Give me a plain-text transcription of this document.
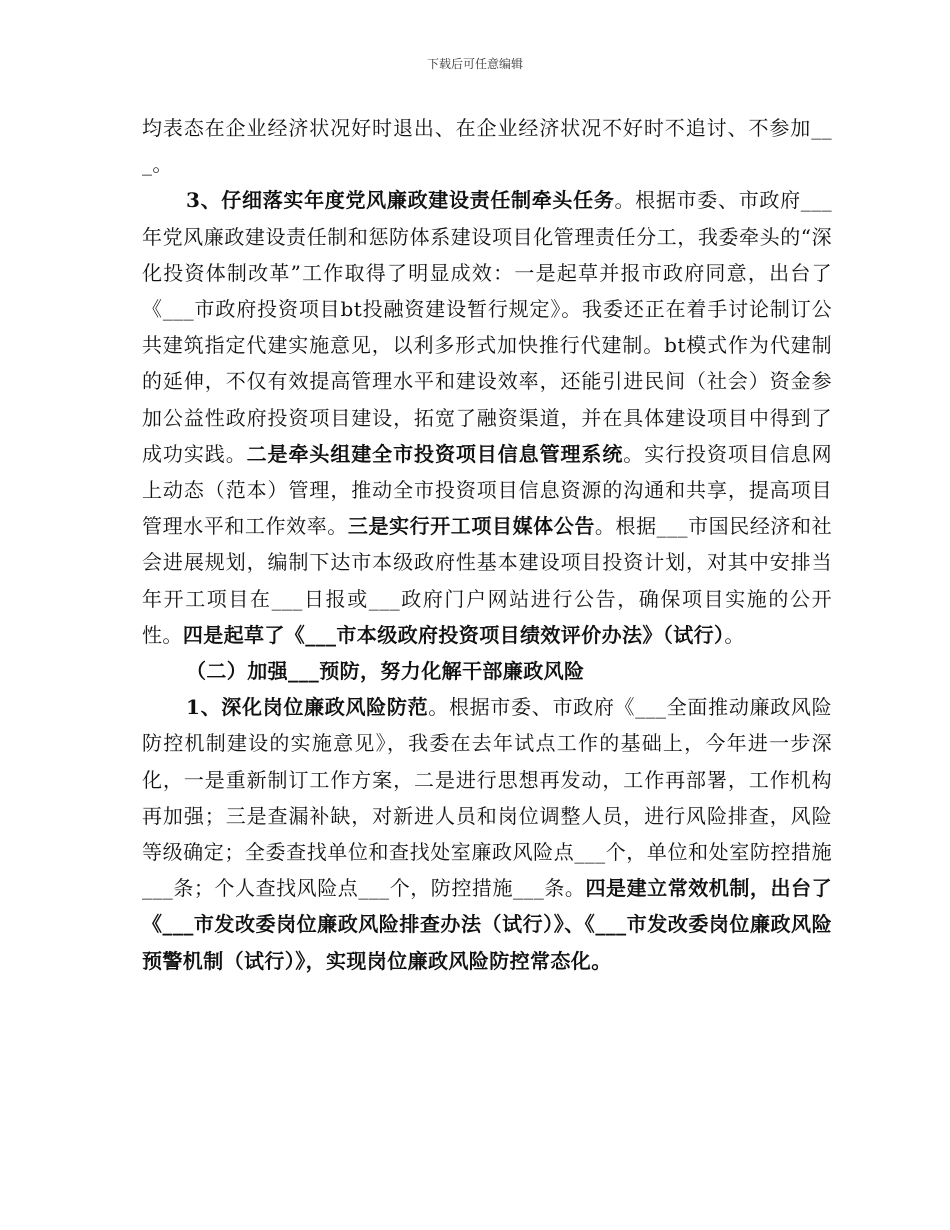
下载后可任意编辑

均表态在企业经济状况好时退出、在企业经济状况不好时不追讨、不参加___。

3、仔细落实年度党风廉政建设责任制牵头任务。根据市委、市政府___年党风廉政建设责任制和惩防体系建设项目化管理责任分工，我委牵头的“深化投资体制改革”工作取得了明显成效：一是起草并报市政府同意，出台了《___市政府投资项目bt投融资建设暂行规定》。我委还正在着手讨论制订公共建筑指定代建实施意见，以利多形式加快推行代建制。bt模式作为代建制的延伸，不仅有效提高管理水平和建设效率，还能引进民间（社会）资金参加公益性政府投资项目建设，拓宽了融资渠道，并在具体建设项目中得到了成功实践。二是牵头组建全市投资项目信息管理系统。实行投资项目信息网上动态（范本）管理，推动全市投资项目信息资源的沟通和共享，提高项目管理水平和工作效率。三是实行开工项目媒体公告。根据___市国民经济和社会进展规划，编制下达市本级政府性基本建设项目投资计划，对其中安排当年开工项目在___日报或___政府门户网站进行公告，确保项目实施的公开性。四是起草了《___市本级政府投资项目绩效评价办法》（试行）。

（二）加强___预防，努力化解干部廉政风险

1、深化岗位廉政风险防范。根据市委、市政府《___全面推动廉政风险防控机制建设的实施意见》，我委在去年试点工作的基础上，今年进一步深化，一是重新制订工作方案，二是进行思想再发动，工作再部署，工作机构再加强；三是查漏补缺，对新进人员和岗位调整人员，进行风险排查，风险等级确定；全委查找单位和查找处室廉政风险点___个，单位和处室防控措施___条；个人查找风险点___个，防控措施___条。四是建立常效机制，出台了《___市发改委岗位廉政风险排查办法（试行）》、《___市发改委岗位廉政风险预警机制（试行）》，实现岗位廉政风险防控常态化。
